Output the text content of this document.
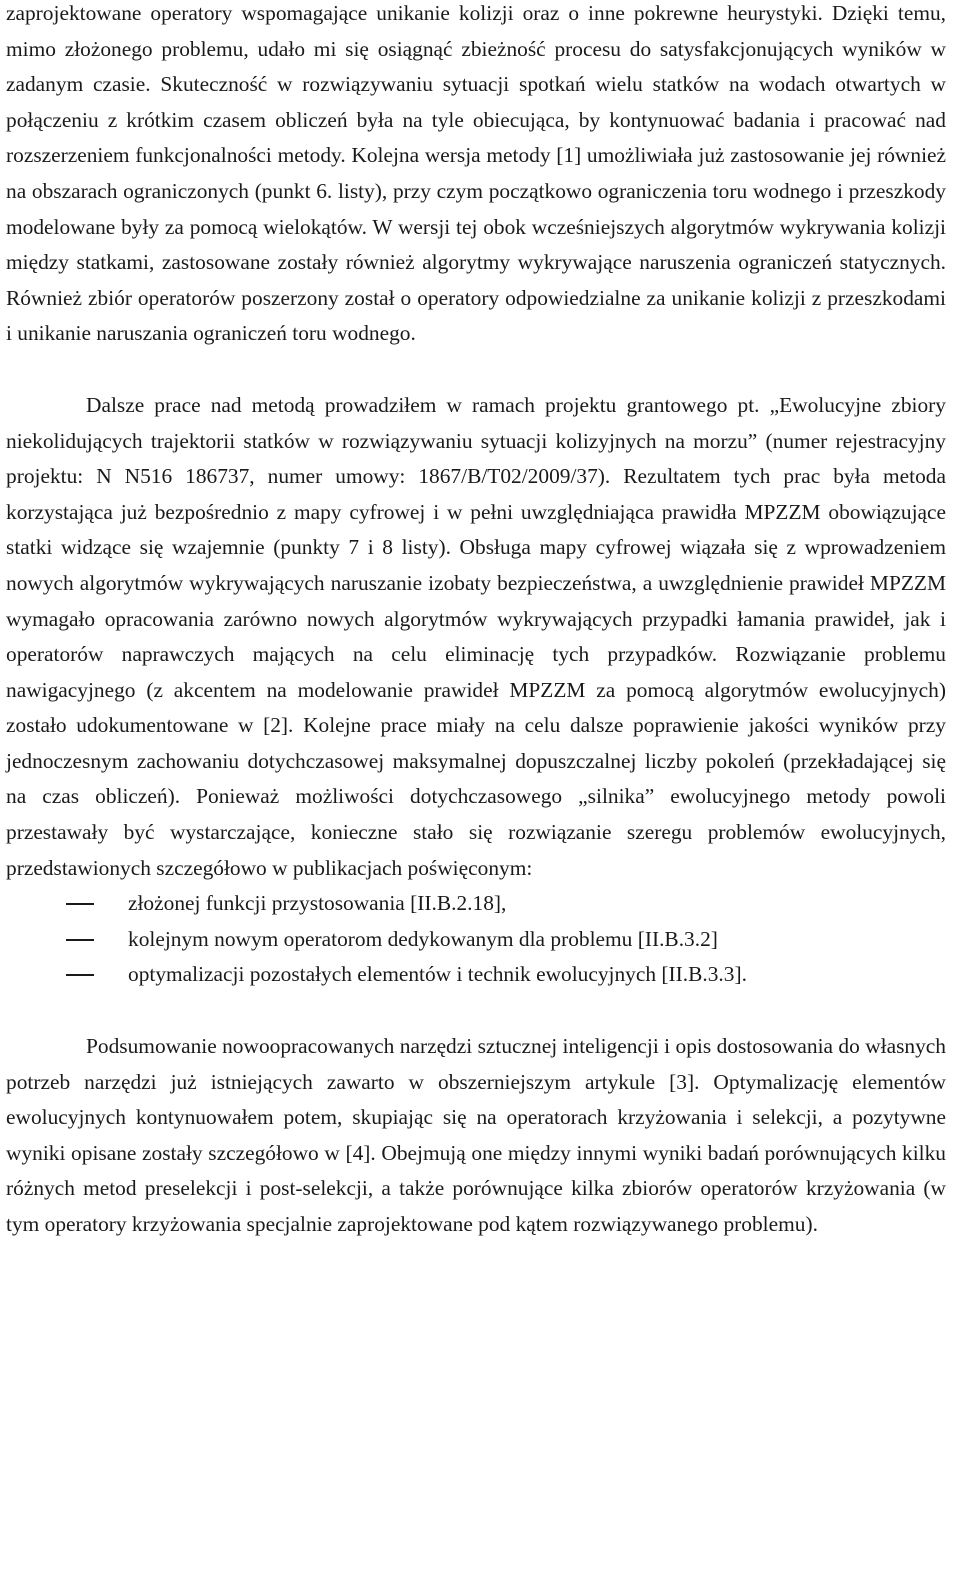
zaprojektowane operatory wspomagające unikanie kolizji oraz o inne pokrewne heurystyki. Dzięki temu, mimo złożonego problemu, udało mi się osiągnąć zbieżność procesu do satysfakcjonujących wyników w zadanym czasie. Skuteczność w rozwiązywaniu sytuacji spotkań wielu statków na wodach otwartych w połączeniu z krótkim czasem obliczeń była na tyle obiecująca, by kontynuować badania i pracować nad rozszerzeniem funkcjonalności metody. Kolejna wersja metody [1] umożliwiała już zastosowanie jej również na obszarach ograniczonych (punkt 6. listy), przy czym początkowo ograniczenia toru wodnego i przeszkody modelowane były za pomocą wielokątów. W wersji tej obok wcześniejszych algorytmów wykrywania kolizji między statkami, zastosowane zostały również algorytmy wykrywające naruszenia ograniczeń statycznych. Również zbiór operatorów poszerzony został o operatory odpowiedzialne za unikanie kolizji z przeszkodami i unikanie naruszania ograniczeń toru wodnego.

Dalsze prace nad metodą prowadziłem w ramach projektu grantowego pt. „Ewolucyjne zbiory niekolidujących trajektorii statków w rozwiązywaniu sytuacji kolizyjnych na morzu” (numer rejestracyjny projektu: N N516 186737, numer umowy: 1867/B/T02/2009/37). Rezultatem tych prac była metoda korzystająca już bezpośrednio z mapy cyfrowej i w pełni uwzględniająca prawidła MPZZM obowiązujące statki widzące się wzajemnie (punkty 7 i 8 listy). Obsługa mapy cyfrowej wiązała się z wprowadzeniem nowych algorytmów wykrywających naruszanie izobaty bezpieczeństwa, a uwzględnienie prawideł MPZZM wymagało opracowania zarówno nowych algorytmów wykrywających przypadki łamania prawideł, jak i operatorów naprawczych mających na celu eliminację tych przypadków. Rozwiązanie problemu nawigacyjnego (z akcentem na modelowanie prawideł MPZZM za pomocą algorytmów ewolucyjnych) zostało udokumentowane w [2]. Kolejne prace miały na celu dalsze poprawienie jakości wyników przy jednoczesnym zachowaniu dotychczasowej maksymalnej dopuszczalnej liczby pokoleń (przekładającej się na czas obliczeń). Ponieważ możliwości dotychczasowego „silnika” ewolucyjnego metody powoli przestawały być wystarczające, konieczne stało się rozwiązanie szeregu problemów ewolucyjnych, przedstawionych szczegółowo w publikacjach poświęconym:

złożonej funkcji przystosowania [II.B.2.18],
kolejnym nowym operatorom dedykowanym dla problemu [II.B.3.2]
optymalizacji pozostałych elementów i technik ewolucyjnych [II.B.3.3].

Podsumowanie nowoopracowanych narzędzi sztucznej inteligencji i opis dostosowania do własnych potrzeb narzędzi już istniejących zawarto w obszerniejszym artykule [3]. Optymalizację elementów ewolucyjnych kontynuowałem potem, skupiając się na operatorach krzyżowania i selekcji, a pozytywne wyniki opisane zostały szczegółowo w [4]. Obejmują one między innymi wyniki badań porównujących kilku różnych metod preselekcji i post-selekcji, a także porównujące kilka zbiorów operatorów krzyżowania (w tym operatory krzyżowania specjalnie zaprojektowane pod kątem rozwiązywanego problemu).
